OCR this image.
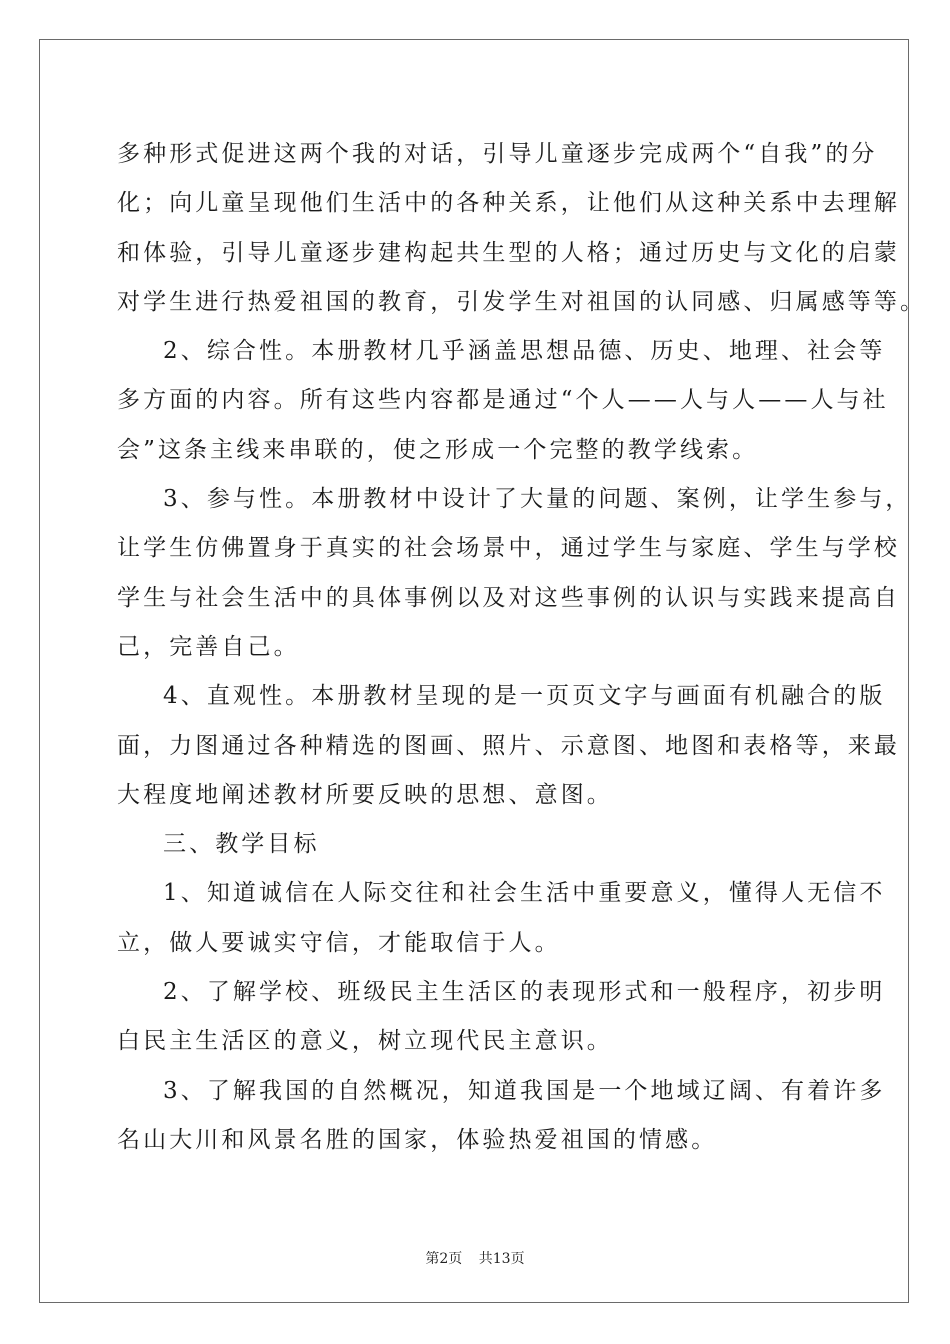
多种形式促进这两个我的对话，引导儿童逐步完成两个“自我”的分
化；向儿童呈现他们生活中的各种关系，让他们从这种关系中去理解
和体验，引导儿童逐步建构起共生型的人格；通过历史与文化的启蒙
对学生进行热爱祖国的教育，引发学生对祖国的认同感、归属感等等。
2、综合性。本册教材几乎涵盖思想品德、历史、地理、社会等
多方面的内容。所有这些内容都是通过“个人——人与人——人与社
会”这条主线来串联的，使之形成一个完整的教学线索。
3、参与性。本册教材中设计了大量的问题、案例，让学生参与，
让学生仿佛置身于真实的社会场景中，通过学生与家庭、学生与学校
学生与社会生活中的具体事例以及对这些事例的认识与实践来提高自
己，完善自己。
4、直观性。本册教材呈现的是一页页文字与画面有机融合的版
面，力图通过各种精选的图画、照片、示意图、地图和表格等，来最
大程度地阐述教材所要反映的思想、意图。
三、教学目标
1、知道诚信在人际交往和社会生活中重要意义，懂得人无信不
立，做人要诚实守信，才能取信于人。
2、了解学校、班级民主生活区的表现形式和一般程序，初步明
白民主生活区的意义，树立现代民主意识。
3、了解我国的自然概况，知道我国是一个地域辽阔、有着许多
名山大川和风景名胜的国家，体验热爱祖国的情感。
第2页 共13页
